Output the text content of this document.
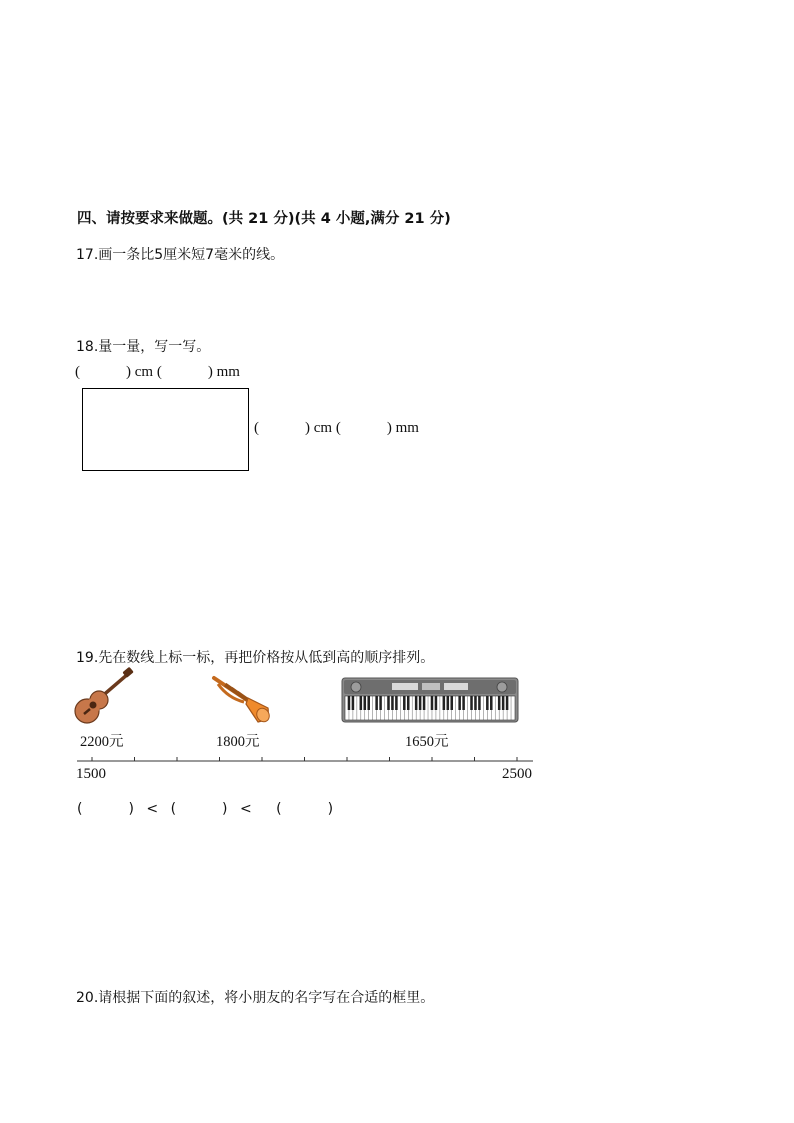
四、请按要求来做题。(共 21 分)(共 4 小题,满分 21 分)
17.画一条比5厘米短7毫米的线。
18.量一量，写一写。
(	) cm (	) mm
(	) cm (	) mm
19.先在数线上标一标，再把价格按从低到高的顺序排列。
2200元	1800元	1650元
1500	2500
(	) < (	) < (	)
20.请根据下面的叙述，将小朋友的名字写在合适的框里。
